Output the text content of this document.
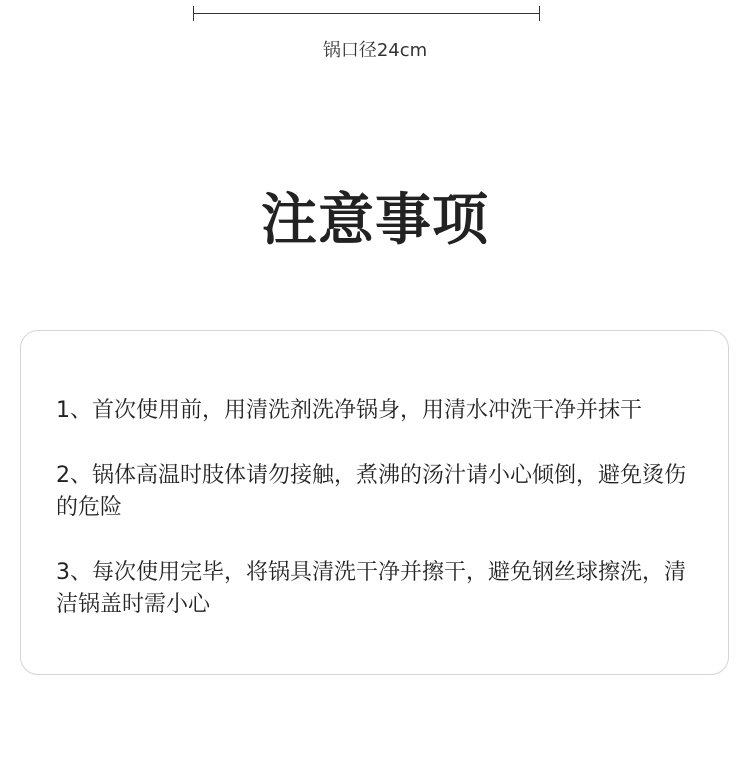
锅口径24cm
注意事项
1、首次使用前，用清洗剂洗净锅身，用清水冲洗干净并抹干
2、锅体高温时肢体请勿接触，煮沸的汤汁请小心倾倒，避免烫伤的危险
3、每次使用完毕，将锅具清洗干净并擦干，避免钢丝球擦洗，清洁锅盖时需小心
